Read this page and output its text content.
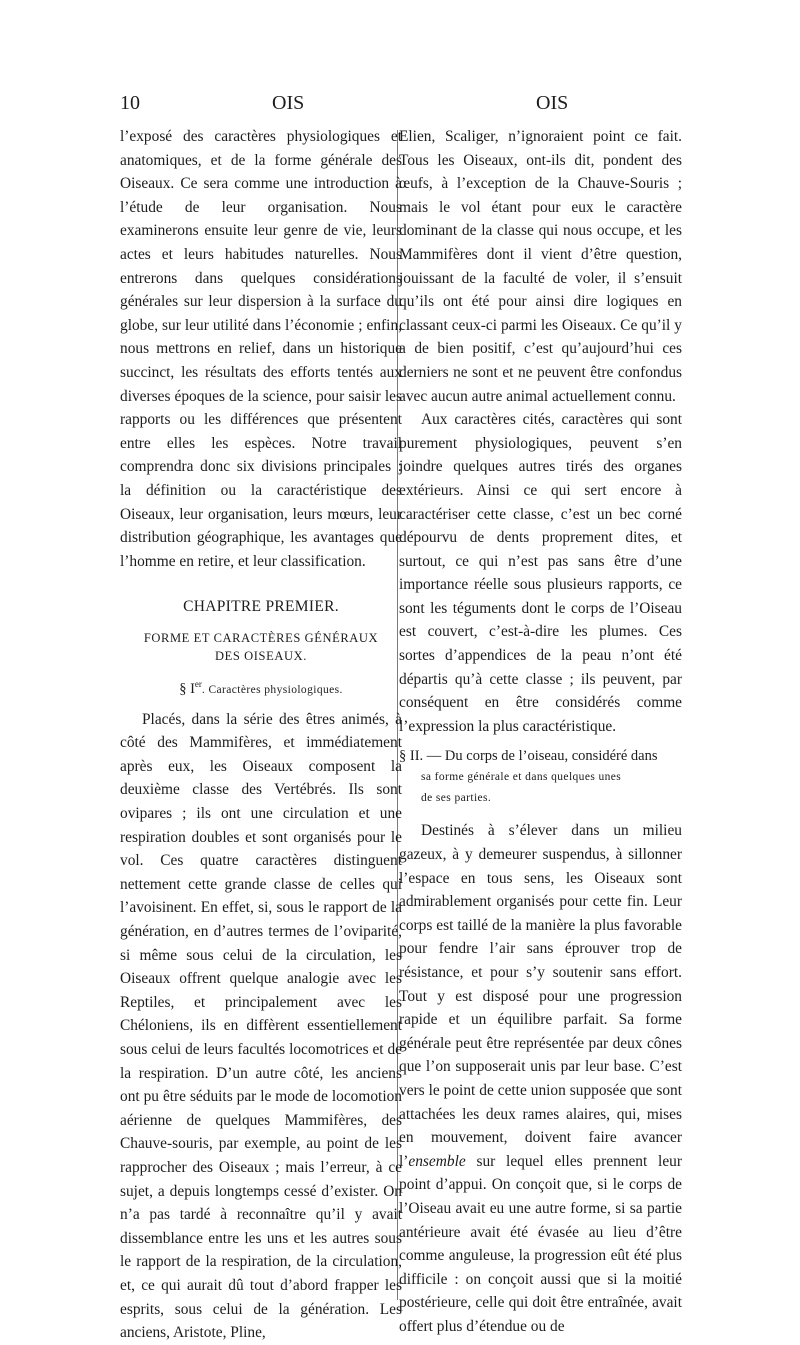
10	OIS	OIS

l’exposé des caractères physiologiques et anatomiques, et de la forme générale des Oiseaux. Ce sera comme une introduction à l’étude de leur organisation. Nous examinerons ensuite leur genre de vie, leurs actes et leurs habitudes naturelles. Nous entrerons dans quelques considérations générales sur leur dispersion à la surface du globe, sur leur utilité dans l’économie ; enfin, nous mettrons en relief, dans un historique succinct, les résultats des efforts tentés aux diverses époques de la science, pour saisir les rapports ou les différences que présentent entre elles les espèces. Notre travail comprendra donc six divisions principales : la définition ou la caractéristique des Oiseaux, leur organisation, leurs mœurs, leur distribution géographique, les avantages que l’homme en retire, et leur classification.

CHAPITRE PREMIER.
FORME ET CARACTÈRES GÉNÉRAUX
DES OISEAUX.
§ Ier. Caractères physiologiques.

Placés, dans la série des êtres animés, à côté des Mammifères, et immédiatement après eux, les Oiseaux composent la deuxième classe des Vertébrés. Ils sont ovipares ; ils ont une circulation et une respiration doubles et sont organisés pour le vol. Ces quatre caractères distinguent nettement cette grande classe de celles qui l’avoisinent. En effet, si, sous le rapport de la génération, en d’autres termes de l’oviparité, si même sous celui de la circulation, les Oiseaux offrent quelque analogie avec les Reptiles, et principalement avec les Chéloniens, ils en diffèrent essentiellement sous celui de leurs facultés locomotrices et de la respiration. D’un autre côté, les anciens ont pu être séduits par le mode de locomotion aérienne de quelques Mammifères, des Chauve-souris, par exemple, au point de les rapprocher des Oiseaux ; mais l’erreur, à ce sujet, a depuis longtemps cessé d’exister. On n’a pas tardé à reconnaître qu’il y avait dissemblance entre les uns et les autres sous le rapport de la respiration, de la circulation, et, ce qui aurait dû tout d’abord frapper les esprits, sous celui de la génération. Les anciens, Aristote, Pline,

Elien, Scaliger, n’ignoraient point ce fait. Tous les Oiseaux, ont-ils dit, pondent des œufs, à l’exception de la Chauve-Souris ; mais le vol étant pour eux le caractère dominant de la classe qui nous occupe, et les Mammifères dont il vient d’être question, jouissant de la faculté de voler, il s’ensuit qu’ils ont été pour ainsi dire logiques en classant ceux-ci parmi les Oiseaux. Ce qu’il y a de bien positif, c’est qu’aujourd’hui ces derniers ne sont et ne peuvent être confondus avec aucun autre animal actuellement connu.

Aux caractères cités, caractères qui sont purement physiologiques, peuvent s’en joindre quelques autres tirés des organes extérieurs. Ainsi ce qui sert encore à caractériser cette classe, c’est un bec corné dépourvu de dents proprement dites, et surtout, ce qui n’est pas sans être d’une importance réelle sous plusieurs rapports, ce sont les téguments dont le corps de l’Oiseau est couvert, c’est-à-dire les plumes. Ces sortes d’appendices de la peau n’ont été départis qu’à cette classe ; ils peuvent, par conséquent en être considérés comme l’expression la plus caractéristique.

§ II. — Du corps de l’oiseau, considéré dans
sa forme générale et dans quelques unes
de ses parties.

Destinés à s’élever dans un milieu gazeux, à y demeurer suspendus, à sillonner l’espace en tous sens, les Oiseaux sont admirablement organisés pour cette fin. Leur corps est taillé de la manière la plus favorable pour fendre l’air sans éprouver trop de résistance, et pour s’y soutenir sans effort. Tout y est disposé pour une progression rapide et un équilibre parfait. Sa forme générale peut être représentée par deux cônes que l’on supposerait unis par leur base. C’est vers le point de cette union supposée que sont attachées les deux rames alaires, qui, mises en mouvement, doivent faire avancer l’ensemble sur lequel elles prennent leur point d’appui. On conçoit que, si le corps de l’Oiseau avait eu une autre forme, si sa partie antérieure avait été évasée au lieu d’être comme anguleuse, la progression eût été plus difficile : on conçoit aussi que si la moitié postérieure, celle qui doit être entraînée, avait offert plus d’étendue ou de
